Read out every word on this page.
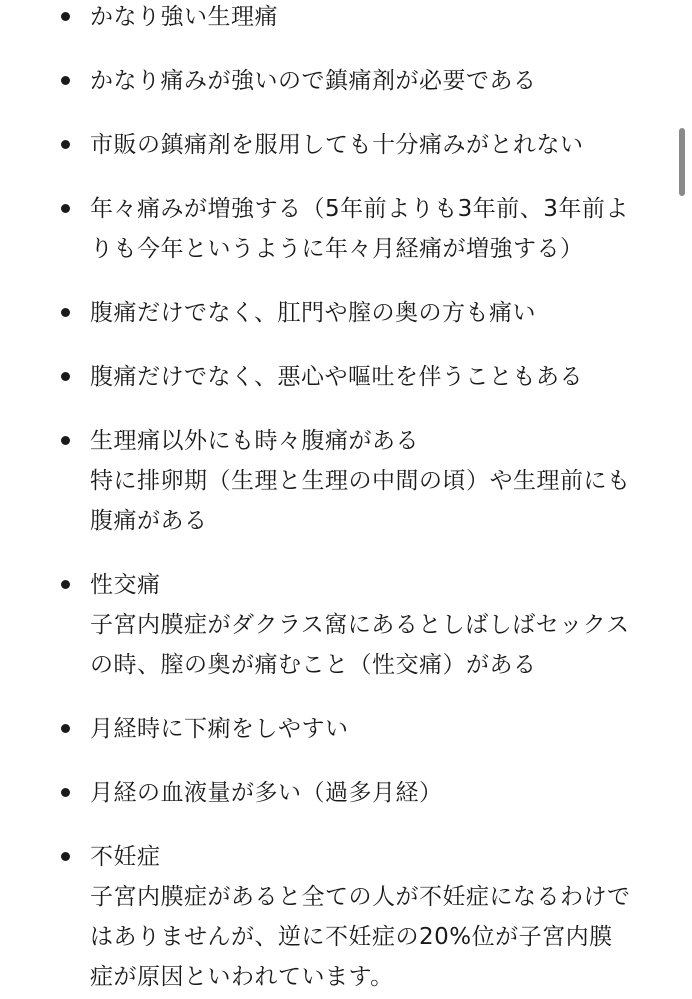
かなり強い生理痛
かなり痛みが強いので鎮痛剤が必要である
市販の鎮痛剤を服用しても十分痛みがとれない
年々痛みが増強する（5年前よりも3年前、3年前よ
りも今年というように年々月経痛が増強する）
腹痛だけでなく、肛門や膣の奥の方も痛い
腹痛だけでなく、悪心や嘔吐を伴うこともある
生理痛以外にも時々腹痛がある
特に排卵期（生理と生理の中間の頃）や生理前にも
腹痛がある
性交痛
子宮内膜症がダクラス窩にあるとしばしばセックス
の時、膣の奥が痛むこと（性交痛）がある
月経時に下痢をしやすい
月経の血液量が多い（過多月経）
不妊症
子宮内膜症があると全ての人が不妊症になるわけで
はありませんが、逆に不妊症の20%位が子宮内膜
症が原因といわれています。
